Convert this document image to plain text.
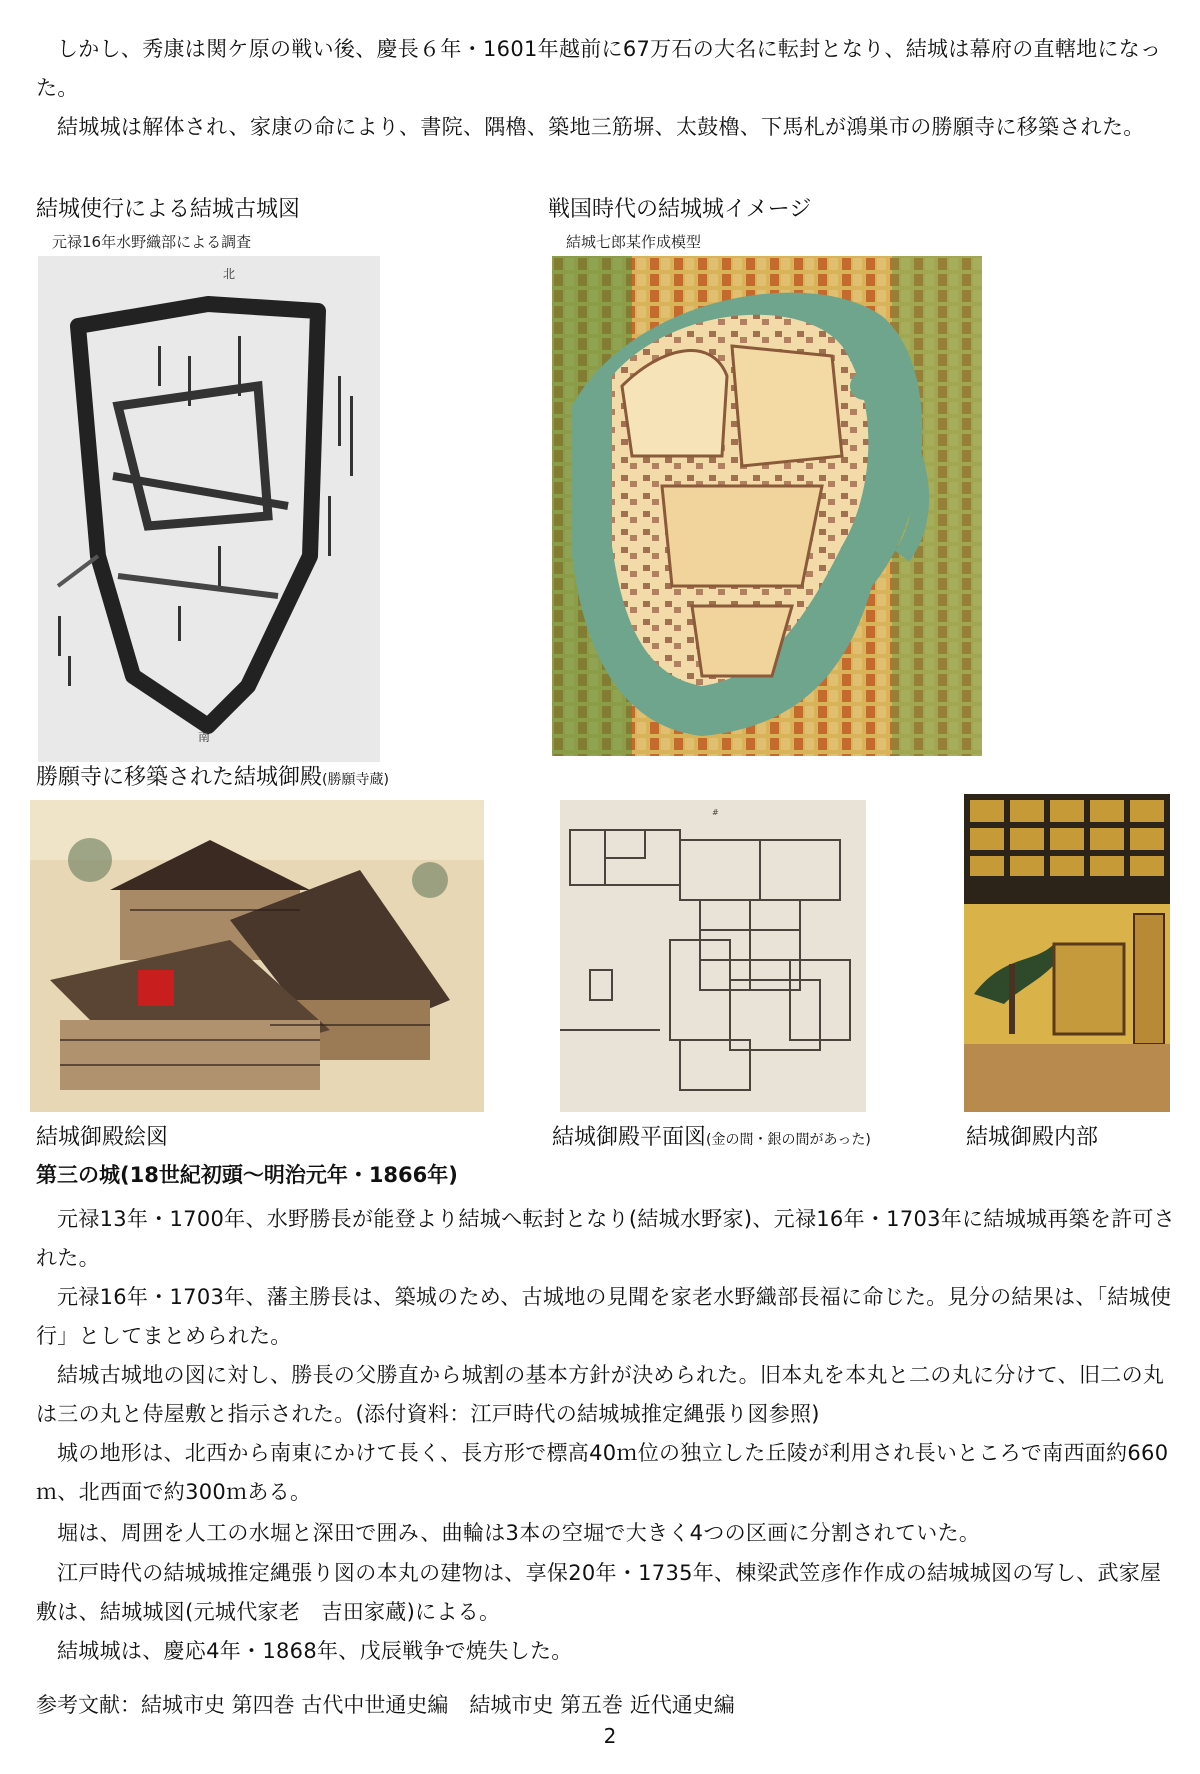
しかし、秀康は関ケ原の戦い後、慶長６年・1601年越前に67万石の大名に転封となり、結城は幕府の直轄地になった。

結城城は解体され、家康の命により、書院、隅櫓、築地三筋塀、太鼓櫓、下馬札が鴻巣市の勝願寺に移築された。

結城使行による結城古城図
元禄16年水野織部による調査
南
北
戦国時代の結城城イメージ
結城七郎某作成模型
勝願寺に移築された結城御殿(勝願寺蔵)
#
結城御殿絵図	結城御殿平面図(金の間・銀の間があった)	結城御殿内部
第三の城(18世紀初頭〜明治元年・1866年)

元禄13年・1700年、水野勝長が能登より結城へ転封となり(結城水野家)、元禄16年・1703年に結城城再築を許可された。

元禄16年・1703年、藩主勝長は、築城のため、古城地の見聞を家老水野織部長福に命じた。見分の結果は、「結城使行」としてまとめられた。

結城古城地の図に対し、勝長の父勝直から城割の基本方針が決められた。旧本丸を本丸と二の丸に分けて、旧二の丸は三の丸と侍屋敷と指示された。(添付資料：江戸時代の結城城推定縄張り図参照)

城の地形は、北西から南東にかけて長く、長方形で標高40ｍ位の独立した丘陵が利用され長いところで南西面約660ｍ、北西面で約300ｍある。

堀は、周囲を人工の水堀と深田で囲み、曲輪は3本の空堀で大きく4つの区画に分割されていた。

江戸時代の結城城推定縄張り図の本丸の建物は、享保20年・1735年、棟梁武笠彦作作成の結城城図の写し、武家屋敷は、結城城図(元城代家老　吉田家蔵)による。

結城城は、慶応4年・1868年、戊辰戦争で焼失した。

参考文献：結城市史 第四巻 古代中世通史編　結城市史 第五巻 近代通史編
2
